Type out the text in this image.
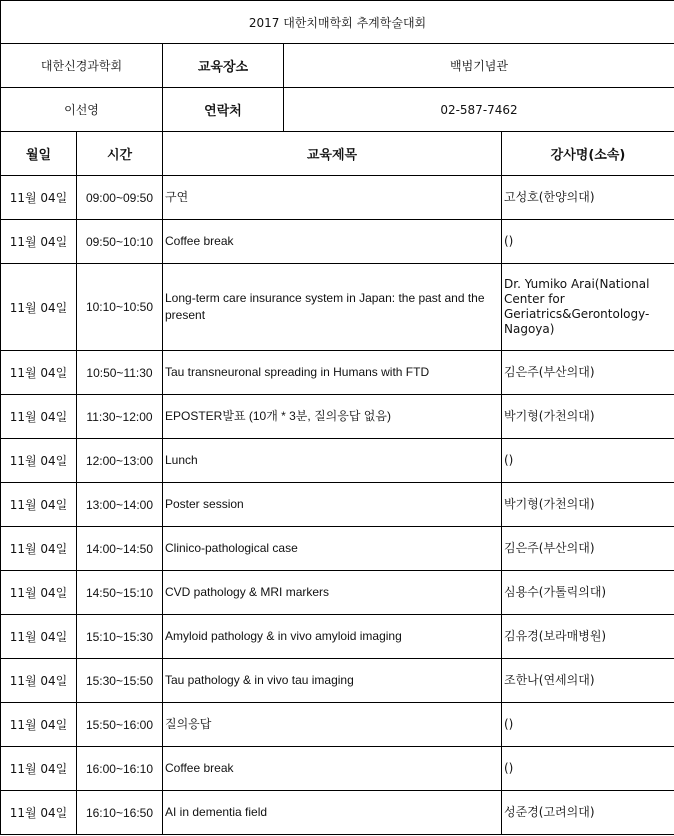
2017 대한치매학회 추계학술대회				
대한신경과학회		교육장소	백범기념관	
이선영		연락처	02-587-7462	
월일	시간	교육제목		강사명(소속)
11월 04일	09:00~09:50	구연		고성호(한양의대)
11월 04일	09:50~10:10	Coffee break		()
11월 04일	10:10~10:50	Long-term care insurance system in Japan: the past and the present		Dr. Yumiko Arai(National Center for Geriatrics&Gerontology-Nagoya)
11월 04일	10:50~11:30	Tau transneuronal spreading in Humans with FTD		김은주(부산의대)
11월 04일	11:30~12:00	EPOSTER발표 (10개 * 3분, 질의응답 없음)		박기형(가천의대)
11월 04일	12:00~13:00	Lunch		()
11월 04일	13:00~14:00	Poster session		박기형(가천의대)
11월 04일	14:00~14:50	Clinico-pathological case		김은주(부산의대)
11월 04일	14:50~15:10	CVD pathology & MRI markers		심용수(가톨릭의대)
11월 04일	15:10~15:30	Amyloid pathology & in vivo amyloid imaging		김유경(보라매병원)
11월 04일	15:30~15:50	Tau pathology & in vivo tau imaging		조한나(연세의대)
11월 04일	15:50~16:00	질의응답		()
11월 04일	16:00~16:10	Coffee break		()
11월 04일	16:10~16:50	AI in dementia field		성준경(고려의대)
